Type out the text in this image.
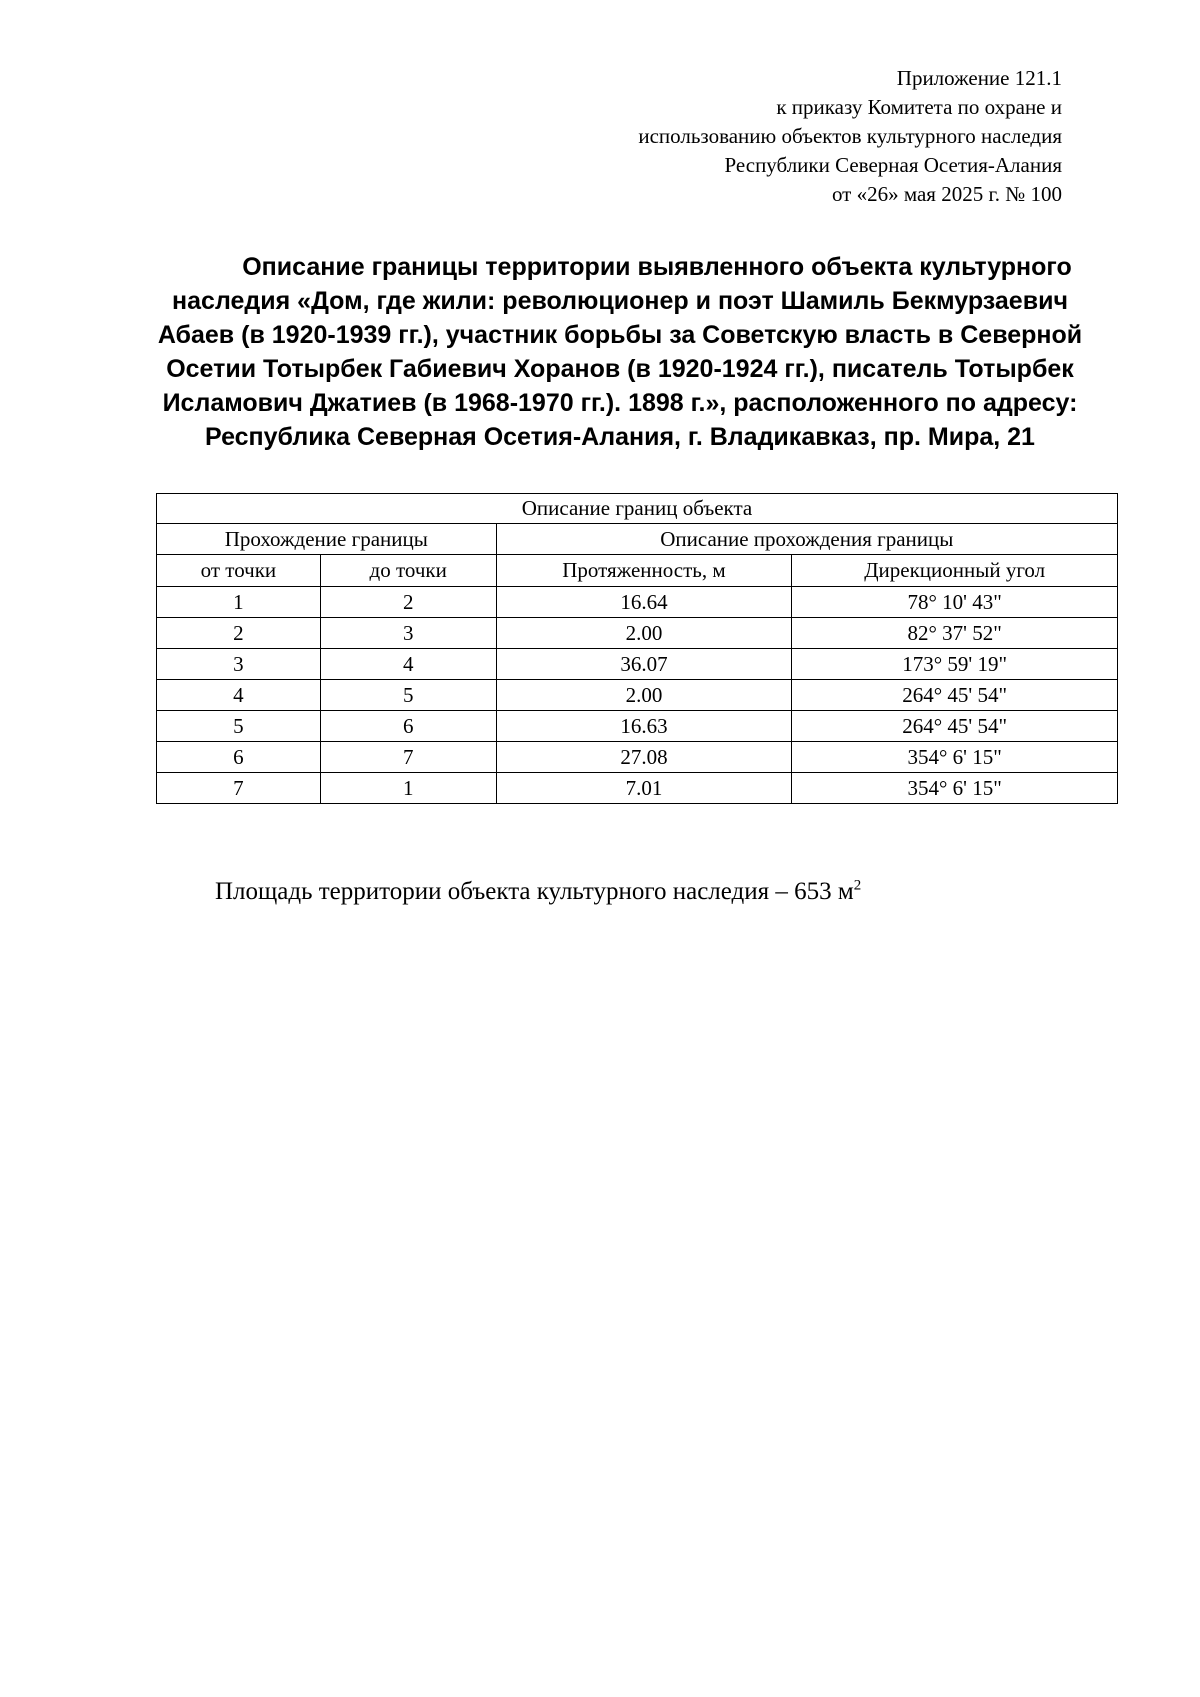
Приложение 121.1
к приказу Комитета по охране и
использованию объектов культурного наследия
Республики Северная Осетия-Алания
от «26» мая 2025 г. № 100
Описание границы территории выявленного объекта культурного
наследия «Дом, где жили: революционер и поэт Шамиль Бекмурзаевич
Абаев (в 1920-1939 гг.), участник борьбы за Советскую власть в Северной
Осетии Тотырбек Габиевич Хоранов (в 1920-1924 гг.), писатель Тотырбек
Исламович Джатиев (в 1968-1970 гг.). 1898 г.», расположенного по адресу:
Республика Северная Осетия-Алания, г. Владикавказ, пр. Мира, 21
Описание границ объекта			
Прохождение границы		Описание прохождения границы	
от точки	до точки	Протяженность, м	Дирекционный угол
1	2	16.64	78° 10' 43"
2	3	2.00	82° 37' 52"
3	4	36.07	173° 59' 19"
4	5	2.00	264° 45' 54"
5	6	16.63	264° 45' 54"
6	7	27.08	354° 6' 15"
7	1	7.01	354° 6' 15"
Площадь территории объекта культурного наследия – 653 $м^2$
